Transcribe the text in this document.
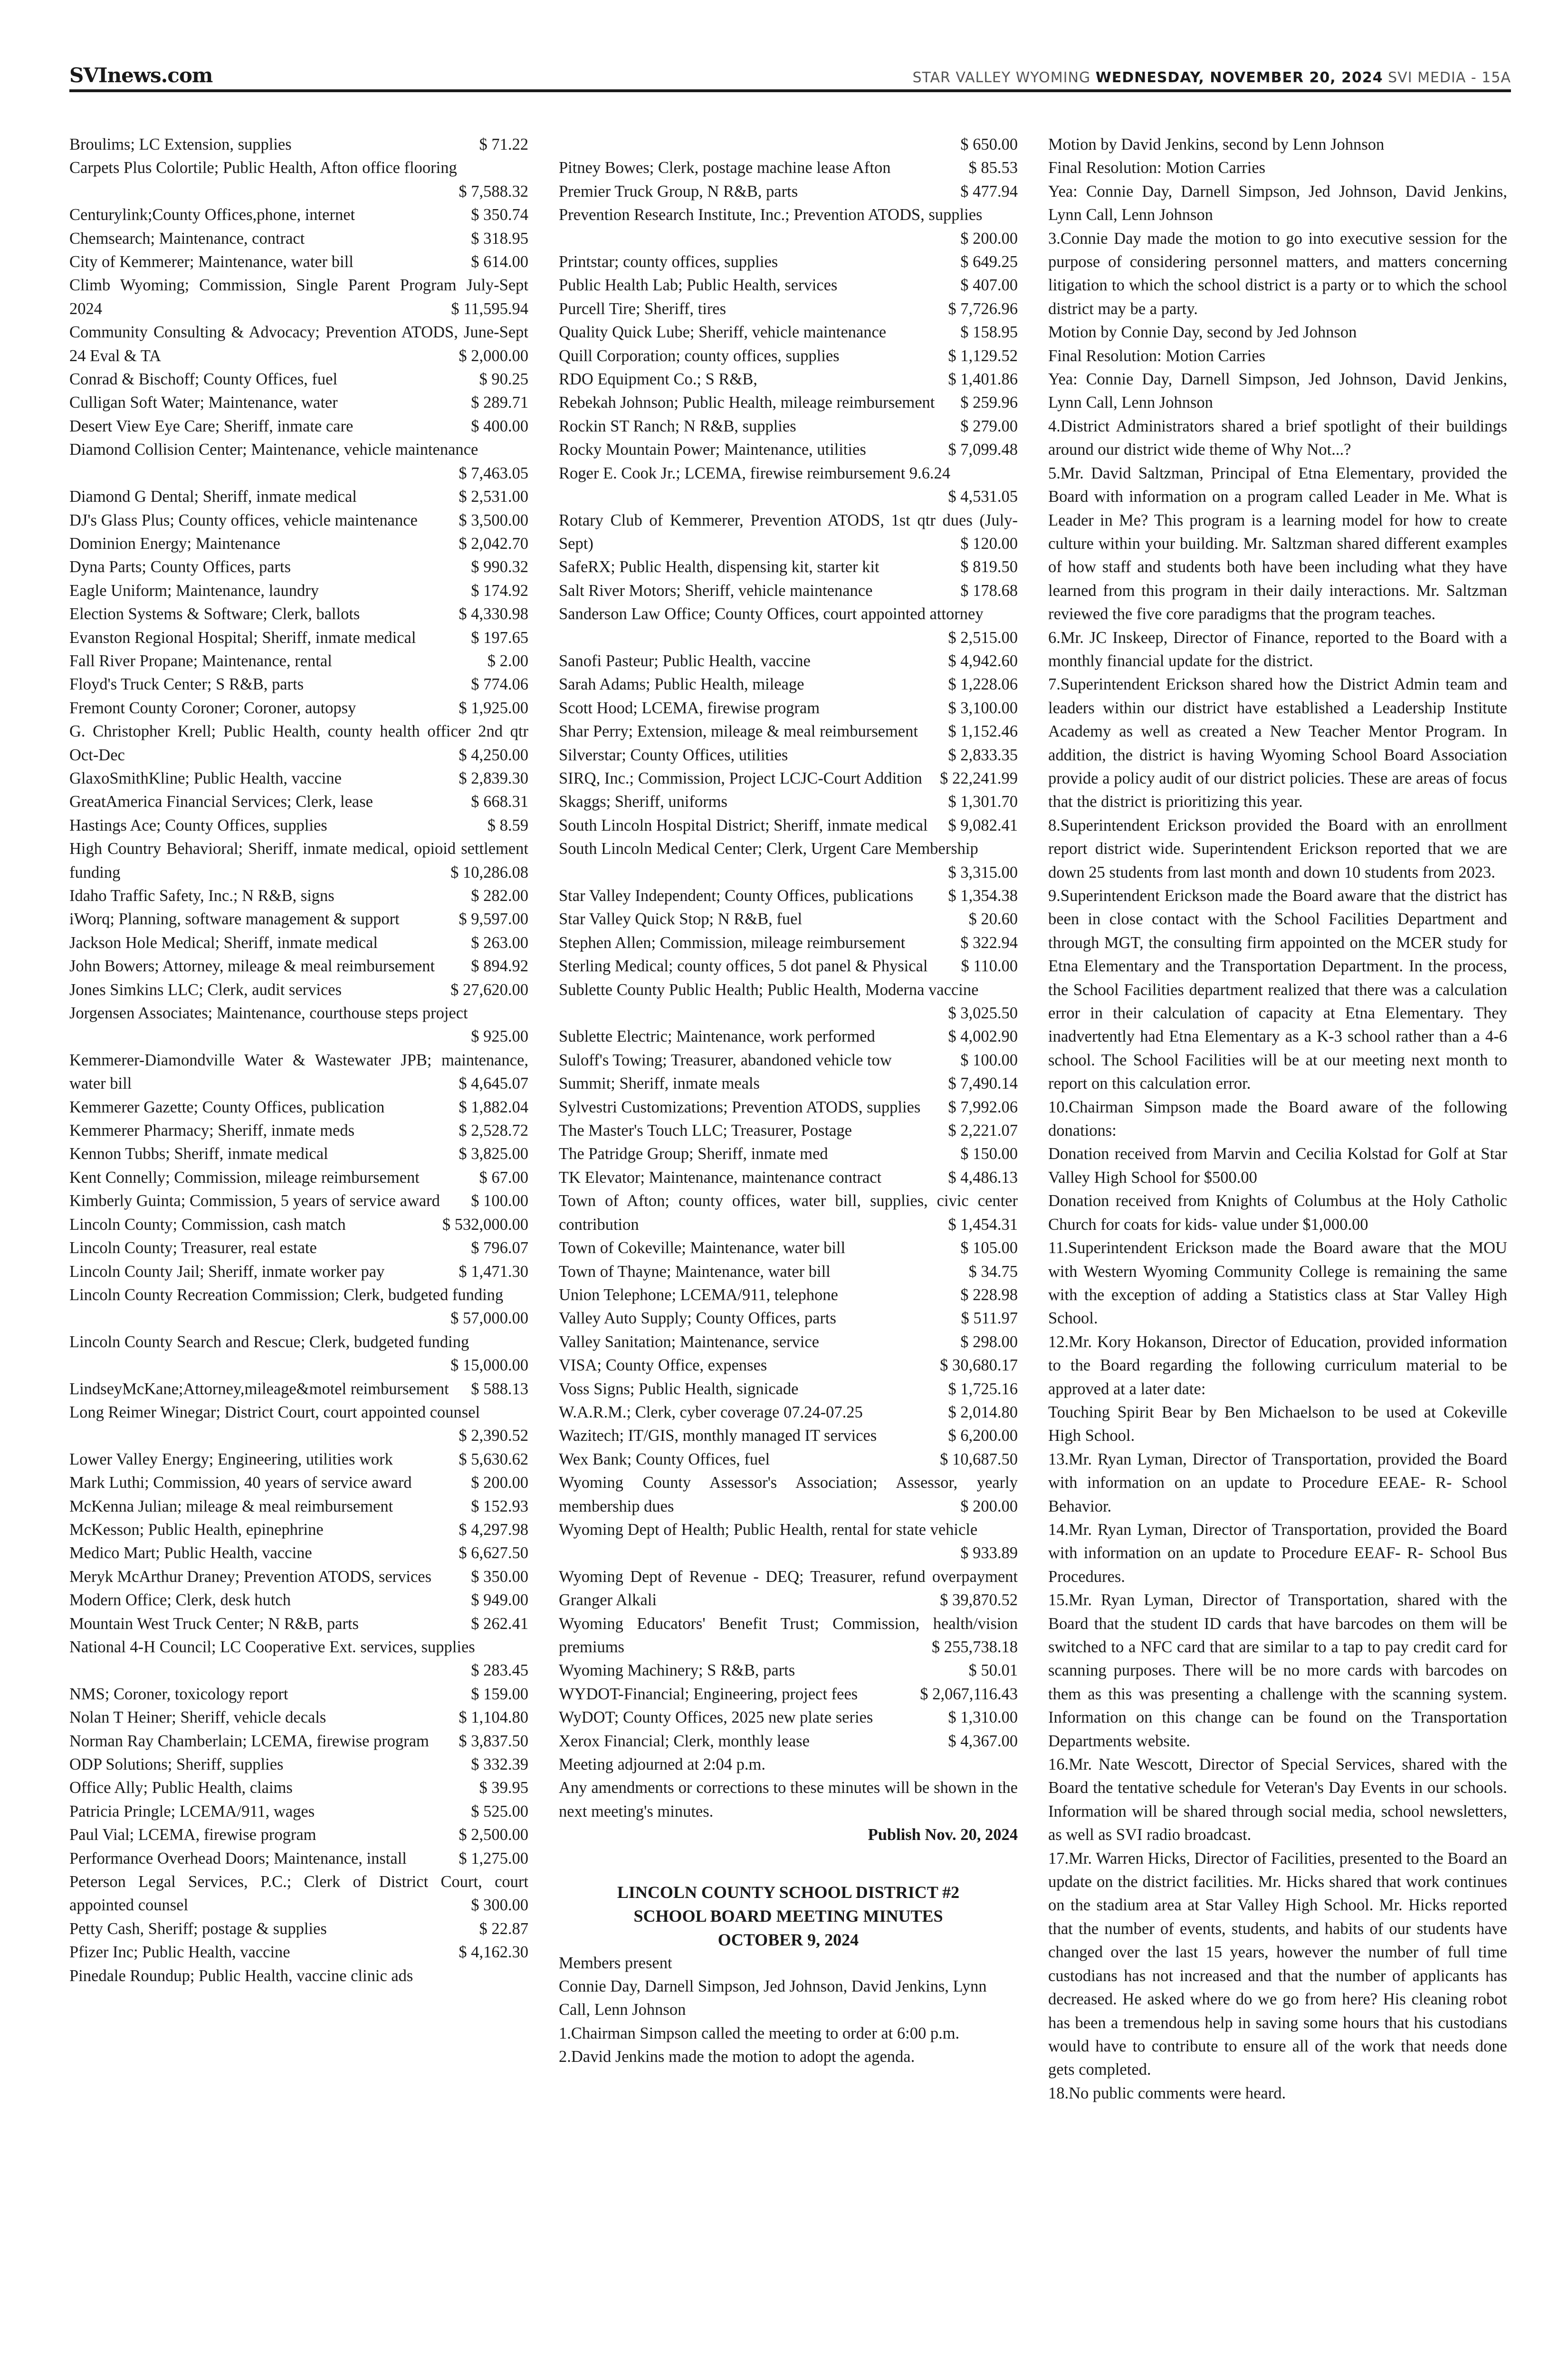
SVInews.com	STAR VALLEY WYOMING WEDNESDAY, NOVEMBER 20, 2024 SVI MEDIA - 15A

Broulims; LC Extension, supplies	$ 71.22

Carpets Plus Colortile; Public Health, Afton office flooring
$ 7,588.32

Centurylink;County Offices,phone, internet	$ 350.74

Chemsearch; Maintenance, contract	$ 318.95

City of Kemmerer; Maintenance, water bill	$ 614.00

Climb Wyoming; Commission, Single Parent Program July-Sept 2024	$ 11,595.94

Community Consulting & Advocacy; Prevention ATODS, June-Sept 24 Eval & TA	$ 2,000.00

Conrad & Bischoff; County Offices, fuel	$ 90.25

Culligan Soft Water; Maintenance, water	$ 289.71

Desert View Eye Care; Sheriff, inmate care	$ 400.00

Diamond Collision Center; Maintenance, vehicle maintenance
$ 7,463.05

Diamond G Dental; Sheriff, inmate medical	$ 2,531.00

DJ's Glass Plus; County offices, vehicle maintenance	$ 3,500.00

Dominion Energy; Maintenance	$ 2,042.70

Dyna Parts; County Offices, parts	$ 990.32

Eagle Uniform; Maintenance, laundry	$ 174.92

Election Systems & Software; Clerk, ballots	$ 4,330.98

Evanston Regional Hospital; Sheriff, inmate medical	$ 197.65

Fall River Propane; Maintenance, rental	$ 2.00

Floyd's Truck Center; S R&B, parts	$ 774.06

Fremont County Coroner; Coroner, autopsy	$ 1,925.00

G. Christopher Krell; Public Health, county health officer 2nd qtr Oct-Dec	$ 4,250.00

GlaxoSmithKline; Public Health, vaccine	$ 2,839.30

GreatAmerica Financial Services; Clerk, lease	$ 668.31

Hastings Ace; County Offices, supplies	$ 8.59

High Country Behavioral; Sheriff, inmate medical, opioid settlement funding	$ 10,286.08

Idaho Traffic Safety, Inc.; N R&B, signs	$ 282.00

iWorq; Planning, software management & support	$ 9,597.00

Jackson Hole Medical; Sheriff, inmate medical	$ 263.00

John Bowers; Attorney, mileage & meal reimbursement	$ 894.92

Jones Simkins LLC; Clerk, audit services	$ 27,620.00

Jorgensen Associates; Maintenance, courthouse steps project
$ 925.00

Kemmerer-Diamondville Water & Wastewater JPB; maintenance, water bill	$ 4,645.07

Kemmerer Gazette; County Offices, publication	$ 1,882.04

Kemmerer Pharmacy; Sheriff, inmate meds	$ 2,528.72

Kennon Tubbs; Sheriff, inmate medical	$ 3,825.00

Kent Connelly; Commission, mileage reimbursement	$ 67.00

Kimberly Guinta; Commission, 5 years of service award	$ 100.00

Lincoln County; Commission, cash match	$ 532,000.00

Lincoln County; Treasurer, real estate	$ 796.07

Lincoln County Jail; Sheriff, inmate worker pay	$ 1,471.30

Lincoln County Recreation Commission; Clerk, budgeted funding
$ 57,000.00

Lincoln County Search and Rescue; Clerk, budgeted funding
$ 15,000.00

LindseyMcKane;Attorney,mileage&motel reimbursement	$ 588.13

Long Reimer Winegar; District Court, court appointed counsel
$ 2,390.52

Lower Valley Energy; Engineering, utilities work	$ 5,630.62

Mark Luthi; Commission, 40 years of service award	$ 200.00

McKenna Julian; mileage & meal reimbursement	$ 152.93

McKesson; Public Health, epinephrine	$ 4,297.98

Medico Mart; Public Health, vaccine	$ 6,627.50

Meryk McArthur Draney; Prevention ATODS, services	$ 350.00

Modern Office; Clerk, desk hutch	$ 949.00

Mountain West Truck Center; N R&B, parts	$ 262.41

National 4-H Council; LC Cooperative Ext. services, supplies
$ 283.45

NMS; Coroner, toxicology report	$ 159.00

Nolan T Heiner; Sheriff, vehicle decals	$ 1,104.80

Norman Ray Chamberlain; LCEMA, firewise program	$ 3,837.50

ODP Solutions; Sheriff, supplies	$ 332.39

Office Ally; Public Health, claims	$ 39.95

Patricia Pringle; LCEMA/911, wages	$ 525.00

Paul Vial; LCEMA, firewise program	$ 2,500.00

Performance Overhead Doors; Maintenance, install	$ 1,275.00

Peterson Legal Services, P.C.; Clerk of District Court, court appointed counsel	$ 300.00

Petty Cash, Sheriff; postage & supplies	$ 22.87

Pfizer Inc; Public Health, vaccine	$ 4,162.30

Pinedale Roundup; Public Health, vaccine clinic ads

$ 650.00

Pitney Bowes; Clerk, postage machine lease Afton	$ 85.53

Premier Truck Group, N R&B, parts	$ 477.94

Prevention Research Institute, Inc.; Prevention ATODS, supplies
$ 200.00

Printstar; county offices, supplies	$ 649.25

Public Health Lab; Public Health, services	$ 407.00

Purcell Tire; Sheriff, tires	$ 7,726.96

Quality Quick Lube; Sheriff, vehicle maintenance	$ 158.95

Quill Corporation; county offices, supplies	$ 1,129.52

RDO Equipment Co.; S R&B,	$ 1,401.86

Rebekah Johnson; Public Health, mileage reimbursement	$ 259.96

Rockin ST Ranch; N R&B, supplies	$ 279.00

Rocky Mountain Power; Maintenance, utilities	$ 7,099.48

Roger E. Cook Jr.; LCEMA, firewise reimbursement 9.6.24
$ 4,531.05

Rotary Club of Kemmerer, Prevention ATODS, 1st qtr dues (July-Sept)	$ 120.00

SafeRX; Public Health, dispensing kit, starter kit	$ 819.50

Salt River Motors; Sheriff, vehicle maintenance	$ 178.68

Sanderson Law Office; County Offices, court appointed attorney
$ 2,515.00

Sanofi Pasteur; Public Health, vaccine	$ 4,942.60

Sarah Adams; Public Health, mileage	$ 1,228.06

Scott Hood; LCEMA, firewise program	$ 3,100.00

Shar Perry; Extension, mileage & meal reimbursement	$ 1,152.46

Silverstar; County Offices, utilities	$ 2,833.35

SIRQ, Inc.; Commission, Project LCJC-Court Addition	$ 22,241.99

Skaggs; Sheriff, uniforms	$ 1,301.70

South Lincoln Hospital District; Sheriff, inmate medical	$ 9,082.41

South Lincoln Medical Center; Clerk, Urgent Care Membership
$ 3,315.00

Star Valley Independent; County Offices, publications	$ 1,354.38

Star Valley Quick Stop; N R&B, fuel	$ 20.60

Stephen Allen; Commission, mileage reimbursement	$ 322.94

Sterling Medical; county offices, 5 dot panel & Physical	$ 110.00

Sublette County Public Health; Public Health, Moderna vaccine
$ 3,025.50

Sublette Electric; Maintenance, work performed	$ 4,002.90

Suloff's Towing; Treasurer, abandoned vehicle tow	$ 100.00

Summit; Sheriff, inmate meals	$ 7,490.14

Sylvestri Customizations; Prevention ATODS, supplies	$ 7,992.06

The Master's Touch LLC; Treasurer, Postage	$ 2,221.07

The Patridge Group; Sheriff, inmate med	$ 150.00

TK Elevator; Maintenance, maintenance contract	$ 4,486.13

Town of Afton; county offices, water bill, supplies, civic center contribution	$ 1,454.31

Town of Cokeville; Maintenance, water bill	$ 105.00

Town of Thayne; Maintenance, water bill	$ 34.75

Union Telephone; LCEMA/911, telephone	$ 228.98

Valley Auto Supply; County Offices, parts	$ 511.97

Valley Sanitation; Maintenance, service	$ 298.00

VISA; County Office, expenses	$ 30,680.17

Voss Signs; Public Health, signicade	$ 1,725.16

W.A.R.M.; Clerk, cyber coverage 07.24-07.25	$ 2,014.80

Wazitech; IT/GIS, monthly managed IT services	$ 6,200.00

Wex Bank; County Offices, fuel	$ 10,687.50

Wyoming County Assessor's Association; Assessor, yearly membership dues	$ 200.00

Wyoming Dept of Health; Public Health, rental for state vehicle
$ 933.89

Wyoming Dept of Revenue - DEQ; Treasurer, refund overpayment Granger Alkali	$ 39,870.52

Wyoming Educators' Benefit Trust; Commission, health/vision premiums	$ 255,738.18

Wyoming Machinery; S R&B, parts	$ 50.01

WYDOT-Financial; Engineering, project fees	$ 2,067,116.43

WyDOT; County Offices, 2025 new plate series	$ 1,310.00

Xerox Financial; Clerk, monthly lease	$ 4,367.00

Meeting adjourned at 2:04 p.m.

Any amendments or corrections to these minutes will be shown in the next meeting's minutes.

Publish Nov. 20, 2024

LINCOLN COUNTY SCHOOL DISTRICT #2
SCHOOL BOARD MEETING MINUTES
OCTOBER 9, 2024

Members present

Connie Day, Darnell Simpson, Jed Johnson, David Jenkins, Lynn Call, Lenn Johnson

1.Chairman Simpson called the meeting to order at 6:00 p.m.

2.David Jenkins made the motion to adopt the agenda.

Motion by David Jenkins, second by Lenn Johnson

Final Resolution: Motion Carries

Yea: Connie Day, Darnell Simpson, Jed Johnson, David Jenkins, Lynn Call, Lenn Johnson

3.Connie Day made the motion to go into executive session for the purpose of considering personnel matters, and matters concerning litigation to which the school district is a party or to which the school district may be a party.

Motion by Connie Day, second by Jed Johnson

Final Resolution: Motion Carries

Yea: Connie Day, Darnell Simpson, Jed Johnson, David Jenkins, Lynn Call, Lenn Johnson

4.District Administrators shared a brief spotlight of their buildings around our district wide theme of Why Not...?

5.Mr. David Saltzman, Principal of Etna Elementary, provided the Board with information on a program called Leader in Me. What is Leader in Me? This program is a learning model for how to create culture within your building. Mr. Saltzman shared different examples of how staff and students both have been including what they have learned from this program in their daily interactions. Mr. Saltzman reviewed the five core paradigms that the program teaches.

6.Mr. JC Inskeep, Director of Finance, reported to the Board with a monthly financial update for the district.

7.Superintendent Erickson shared how the District Admin team and leaders within our district have established a Leadership Institute Academy as well as created a New Teacher Mentor Program. In addition, the district is having Wyoming School Board Association provide a policy audit of our district policies. These are areas of focus that the district is prioritizing this year.

8.Superintendent Erickson provided the Board with an enrollment report district wide. Superintendent Erickson reported that we are down 25 students from last month and down 10 students from 2023.

9.Superintendent Erickson made the Board aware that the district has been in close contact with the School Facilities Department and through MGT, the consulting firm appointed on the MCER study for Etna Elementary and the Transportation Department. In the process, the School Facilities department realized that there was a calculation error in their calculation of capacity at Etna Elementary. They inadvertently had Etna Elementary as a K-3 school rather than a 4-6 school. The School Facilities will be at our meeting next month to report on this calculation error.

10.Chairman Simpson made the Board aware of the following donations:

Donation received from Marvin and Cecilia Kolstad for Golf at Star Valley High School for $500.00

Donation received from Knights of Columbus at the Holy Catholic Church for coats for kids- value under $1,000.00

11.Superintendent Erickson made the Board aware that the MOU with Western Wyoming Community College is remaining the same with the exception of adding a Statistics class at Star Valley High School.

12.Mr. Kory Hokanson, Director of Education, provided information to the Board regarding the following curriculum material to be approved at a later date:

Touching Spirit Bear by Ben Michaelson to be used at Cokeville High School.

13.Mr. Ryan Lyman, Director of Transportation, provided the Board with information on an update to Procedure EEAE- R- School Behavior.

14.Mr. Ryan Lyman, Director of Transportation, provided the Board with information on an update to Procedure EEAF- R- School Bus Procedures.

15.Mr. Ryan Lyman, Director of Transportation, shared with the Board that the student ID cards that have barcodes on them will be switched to a NFC card that are similar to a tap to pay credit card for scanning purposes. There will be no more cards with barcodes on them as this was presenting a challenge with the scanning system. Information on this change can be found on the Transportation Departments website.

16.Mr. Nate Wescott, Director of Special Services, shared with the Board the tentative schedule for Veteran's Day Events in our schools. Information will be shared through social media, school newsletters, as well as SVI radio broadcast.

17.Mr. Warren Hicks, Director of Facilities, presented to the Board an update on the district facilities. Mr. Hicks shared that work continues on the stadium area at Star Valley High School. Mr. Hicks reported that the number of events, students, and habits of our students have changed over the last 15 years, however the number of full time custodians has not increased and that the number of applicants has decreased. He asked where do we go from here? His cleaning robot has been a tremendous help in saving some hours that his custodians would have to contribute to ensure all of the work that needs done gets completed.

18.No public comments were heard.
